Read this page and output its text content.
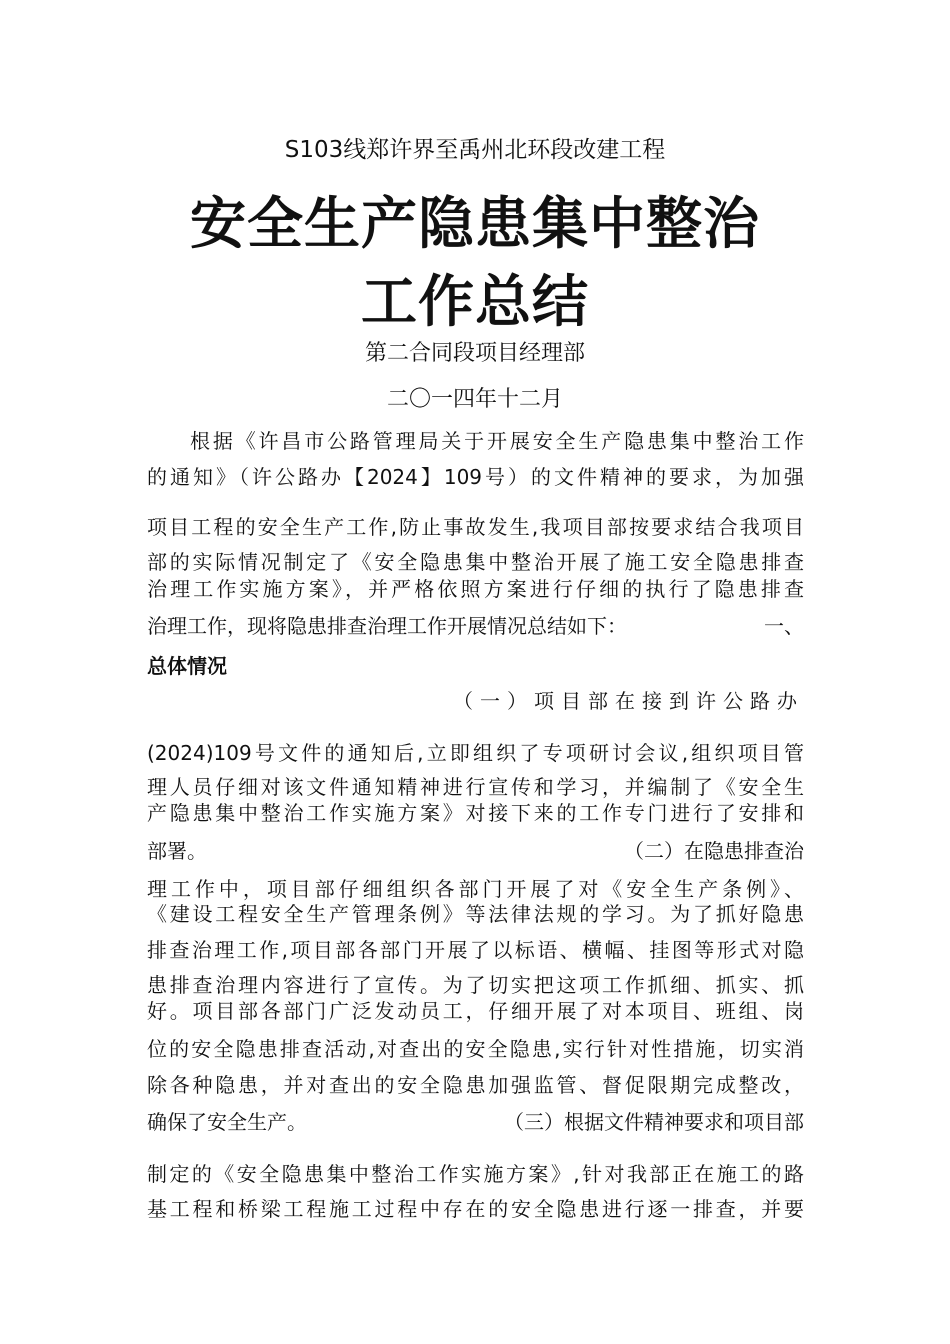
S103线郑许界至禹州北环段改建工程
安全生产隐患集中整治
工作总结
第二合同段项目经理部
二〇一四年十二月
根据《许昌市公路管理局关于开展安全生产隐患集中整治工作
的通知》（许公路办【2024】109号）的文件精神的要求，为加强
项目工程的安全生产工作,防止事故发生,我项目部按要求结合我项目
部的实际情况制定了《安全隐患集中整治开展了施工安全隐患排查
治理工作实施方案》，并严格依照方案进行仔细的执行了隐患排查
治理工作，现将隐患排查治理工作开展情况总结如下：	一、
总体情况
（一）项目部在接到许公路办
(2024)109号文件的通知后,立即组织了专项研讨会议,组织项目管
理人员仔细对该文件通知精神进行宣传和学习，并编制了《安全生
产隐患集中整治工作实施方案》对接下来的工作专门进行了安排和
部署。	（二）在隐患排查治
理工作中，项目部仔细组织各部门开展了对《安全生产条例》、
《建设工程安全生产管理条例》等法律法规的学习。为了抓好隐患
排查治理工作,项目部各部门开展了以标语、横幅、挂图等形式对隐
患排查治理内容进行了宣传。为了切实把这项工作抓细、抓实、抓
好。项目部各部门广泛发动员工，仔细开展了对本项目、班组、岗
位的安全隐患排查活动,对查出的安全隐患,实行针对性措施，切实消
除各种隐患，并对查出的安全隐患加强监管、督促限期完成整改，
确保了安全生产。	（三）根据文件精神要求和项目部
制定的《安全隐患集中整治工作实施方案》,针对我部正在施工的路
基工程和桥梁工程施工过程中存在的安全隐患进行逐一排查，并要
